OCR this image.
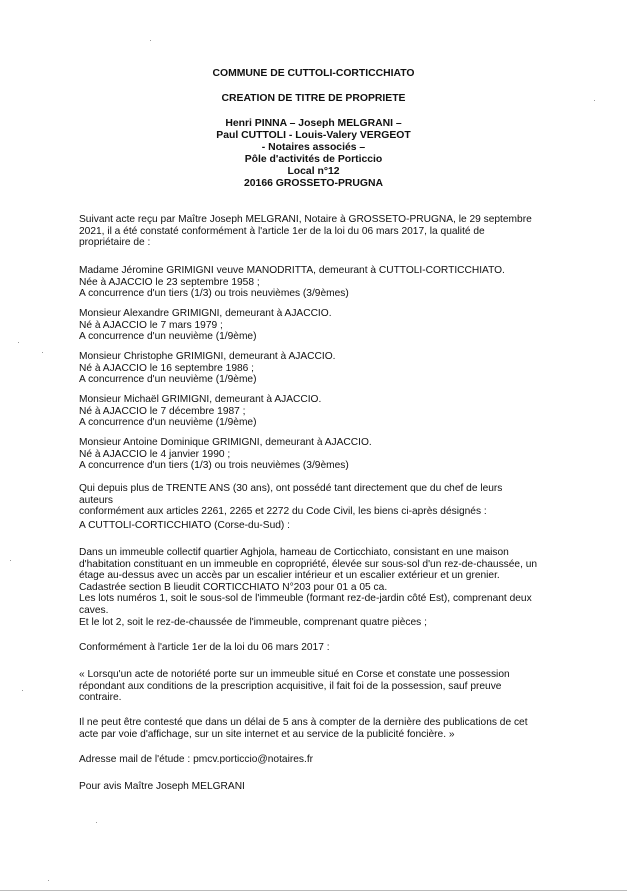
COMMUNE DE CUTTOLI-CORTICCHIATO

CREATION DE TITRE DE PROPRIETE

Henri PINNA – Joseph MELGRANI –
Paul CUTTOLI - Louis-Valery VERGEOT
- Notaires associés –
Pôle d'activités de Porticcio
Local n°12
20166 GROSSETO-PRUGNA
Suivant acte reçu par Maître Joseph MELGRANI, Notaire à GROSSETO-PRUGNA, le 29 septembre
2021, il a été constaté conformément à l'article 1er de la loi du 06 mars 2017, la qualité de
propriétaire de :
Madame Jéromine GRIMIGNI veuve MANODRITTA, demeurant à CUTTOLI-CORTICCHIATO.
Née à AJACCIO le 23 septembre 1958 ;
A concurrence d'un tiers (1/3) ou trois neuvièmes (3/9èmes)
Monsieur Alexandre GRIMIGNI, demeurant à AJACCIO.
Né à AJACCIO le 7 mars 1979 ;
A concurrence d'un neuvième (1/9ème)
Monsieur Christophe GRIMIGNI, demeurant à AJACCIO.
Né à AJACCIO le 16 septembre 1986 ;
A concurrence d'un neuvième (1/9ème)
Monsieur Michaël GRIMIGNI, demeurant à AJACCIO.
Né à AJACCIO le 7 décembre 1987 ;
A concurrence d'un neuvième (1/9ème)
Monsieur Antoine Dominique GRIMIGNI, demeurant à AJACCIO.
Né à AJACCIO le 4 janvier 1990 ;
A concurrence d'un tiers (1/3) ou trois neuvièmes (3/9èmes)
Qui depuis plus de TRENTE ANS (30 ans), ont possédé tant directement que du chef de leurs auteurs
conformément aux articles 2261, 2265 et 2272 du Code Civil, les biens ci-après désignés :

A CUTTOLI-CORTICCHIATO (Corse-du-Sud) :

Dans un immeuble collectif quartier Aghjola, hameau de Corticchiato, consistant en une maison
d'habitation constituant en un immeuble en copropriété, élevée sur sous-sol d'un rez-de-chaussée, un
étage au-dessus avec un accès par un escalier intérieur et un escalier extérieur et un grenier.
Cadastrée section B lieudit CORTICCHIATO N°203 pour 01 a 05 ca.
Les lots numéros 1, soit le sous-sol de l'immeuble (formant rez-de-jardin côté Est), comprenant deux
caves.
Et le lot 2, soit le rez-de-chaussée de l'immeuble, comprenant quatre pièces ;

Conformément à l'article 1er de la loi du 06 mars 2017 :

« Lorsqu'un acte de notoriété porte sur un immeuble situé en Corse et constate une possession
répondant aux conditions de la prescription acquisitive, il fait foi de la possession, sauf preuve
contraire.
Il ne peut être contesté que dans un délai de 5 ans à compter de la dernière des publications de cet
acte par voie d'affichage, sur un site internet et au service de la publicité foncière. »

Adresse mail de l'étude : pmcv.porticcio@notaires.fr

Pour avis Maître Joseph MELGRANI
